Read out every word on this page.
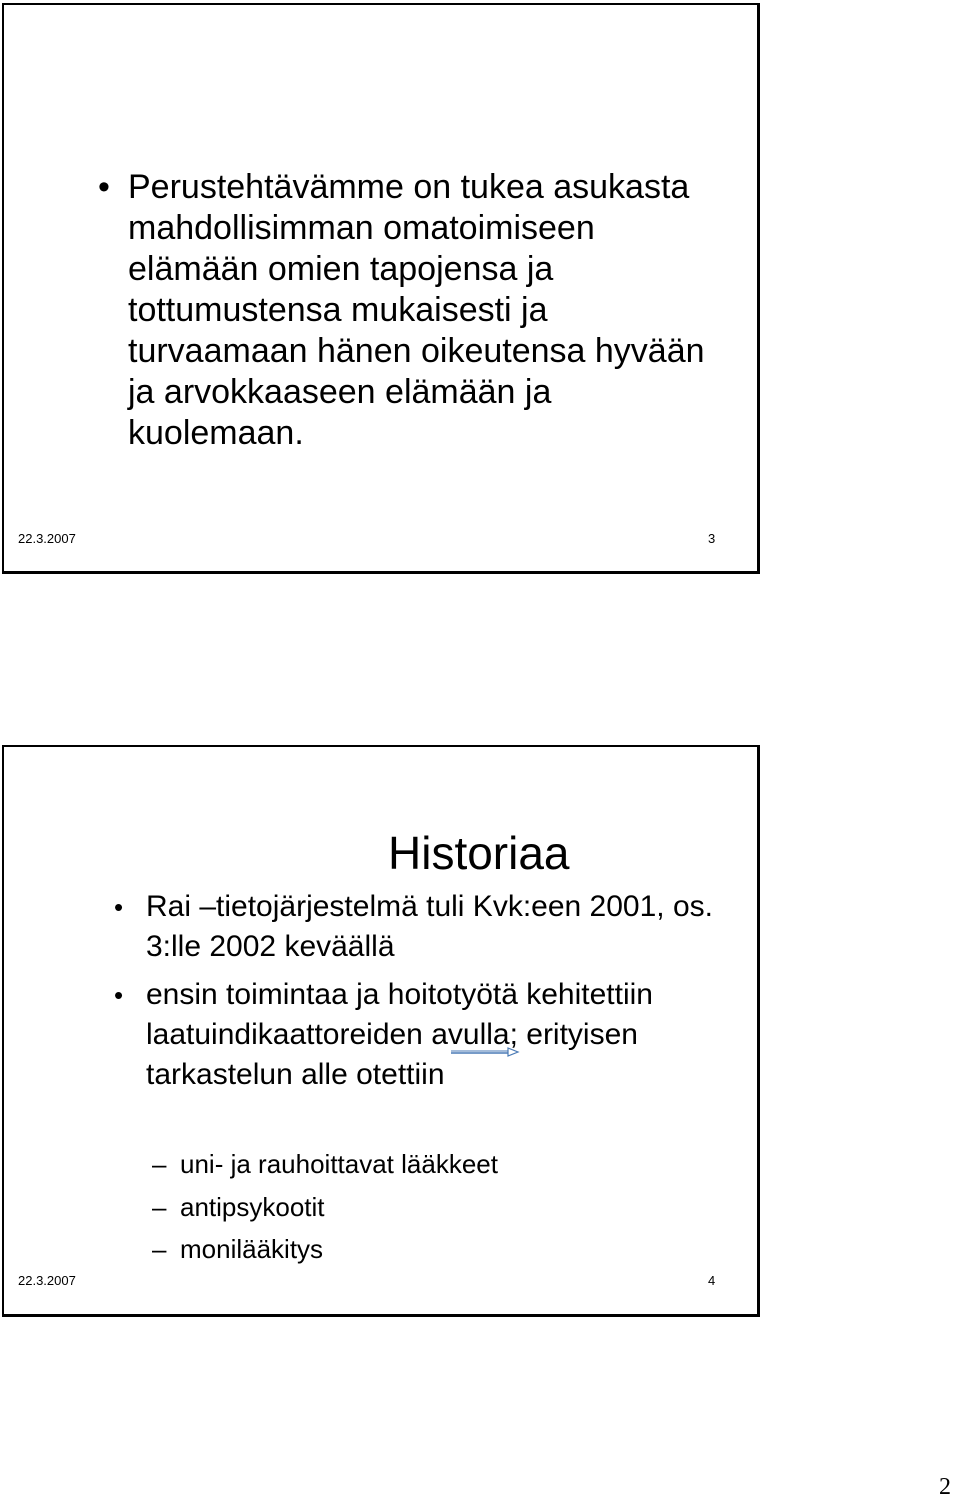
• Perustehtävämme on tukea asukasta mahdollisimman omatoimiseen elämään omien tapojensa ja tottumustensa mukaisesti ja turvaamaan hänen oikeutensa hyvään ja arvokkaaseen elämään ja kuolemaan.
22.3.2007	3
Historiaa
• Rai –tietojärjestelmä tuli Kvk:een 2001, os. 3:lle 2002 keväällä
• ensin toimintaa ja hoitotyötä kehitettiin laatuindikaattoreiden avulla; erityisen tarkastelun alle otettiin
– uni- ja rauhoittavat lääkkeet
– antipsykootit
– monilääkitys
22.3.2007	4
2
